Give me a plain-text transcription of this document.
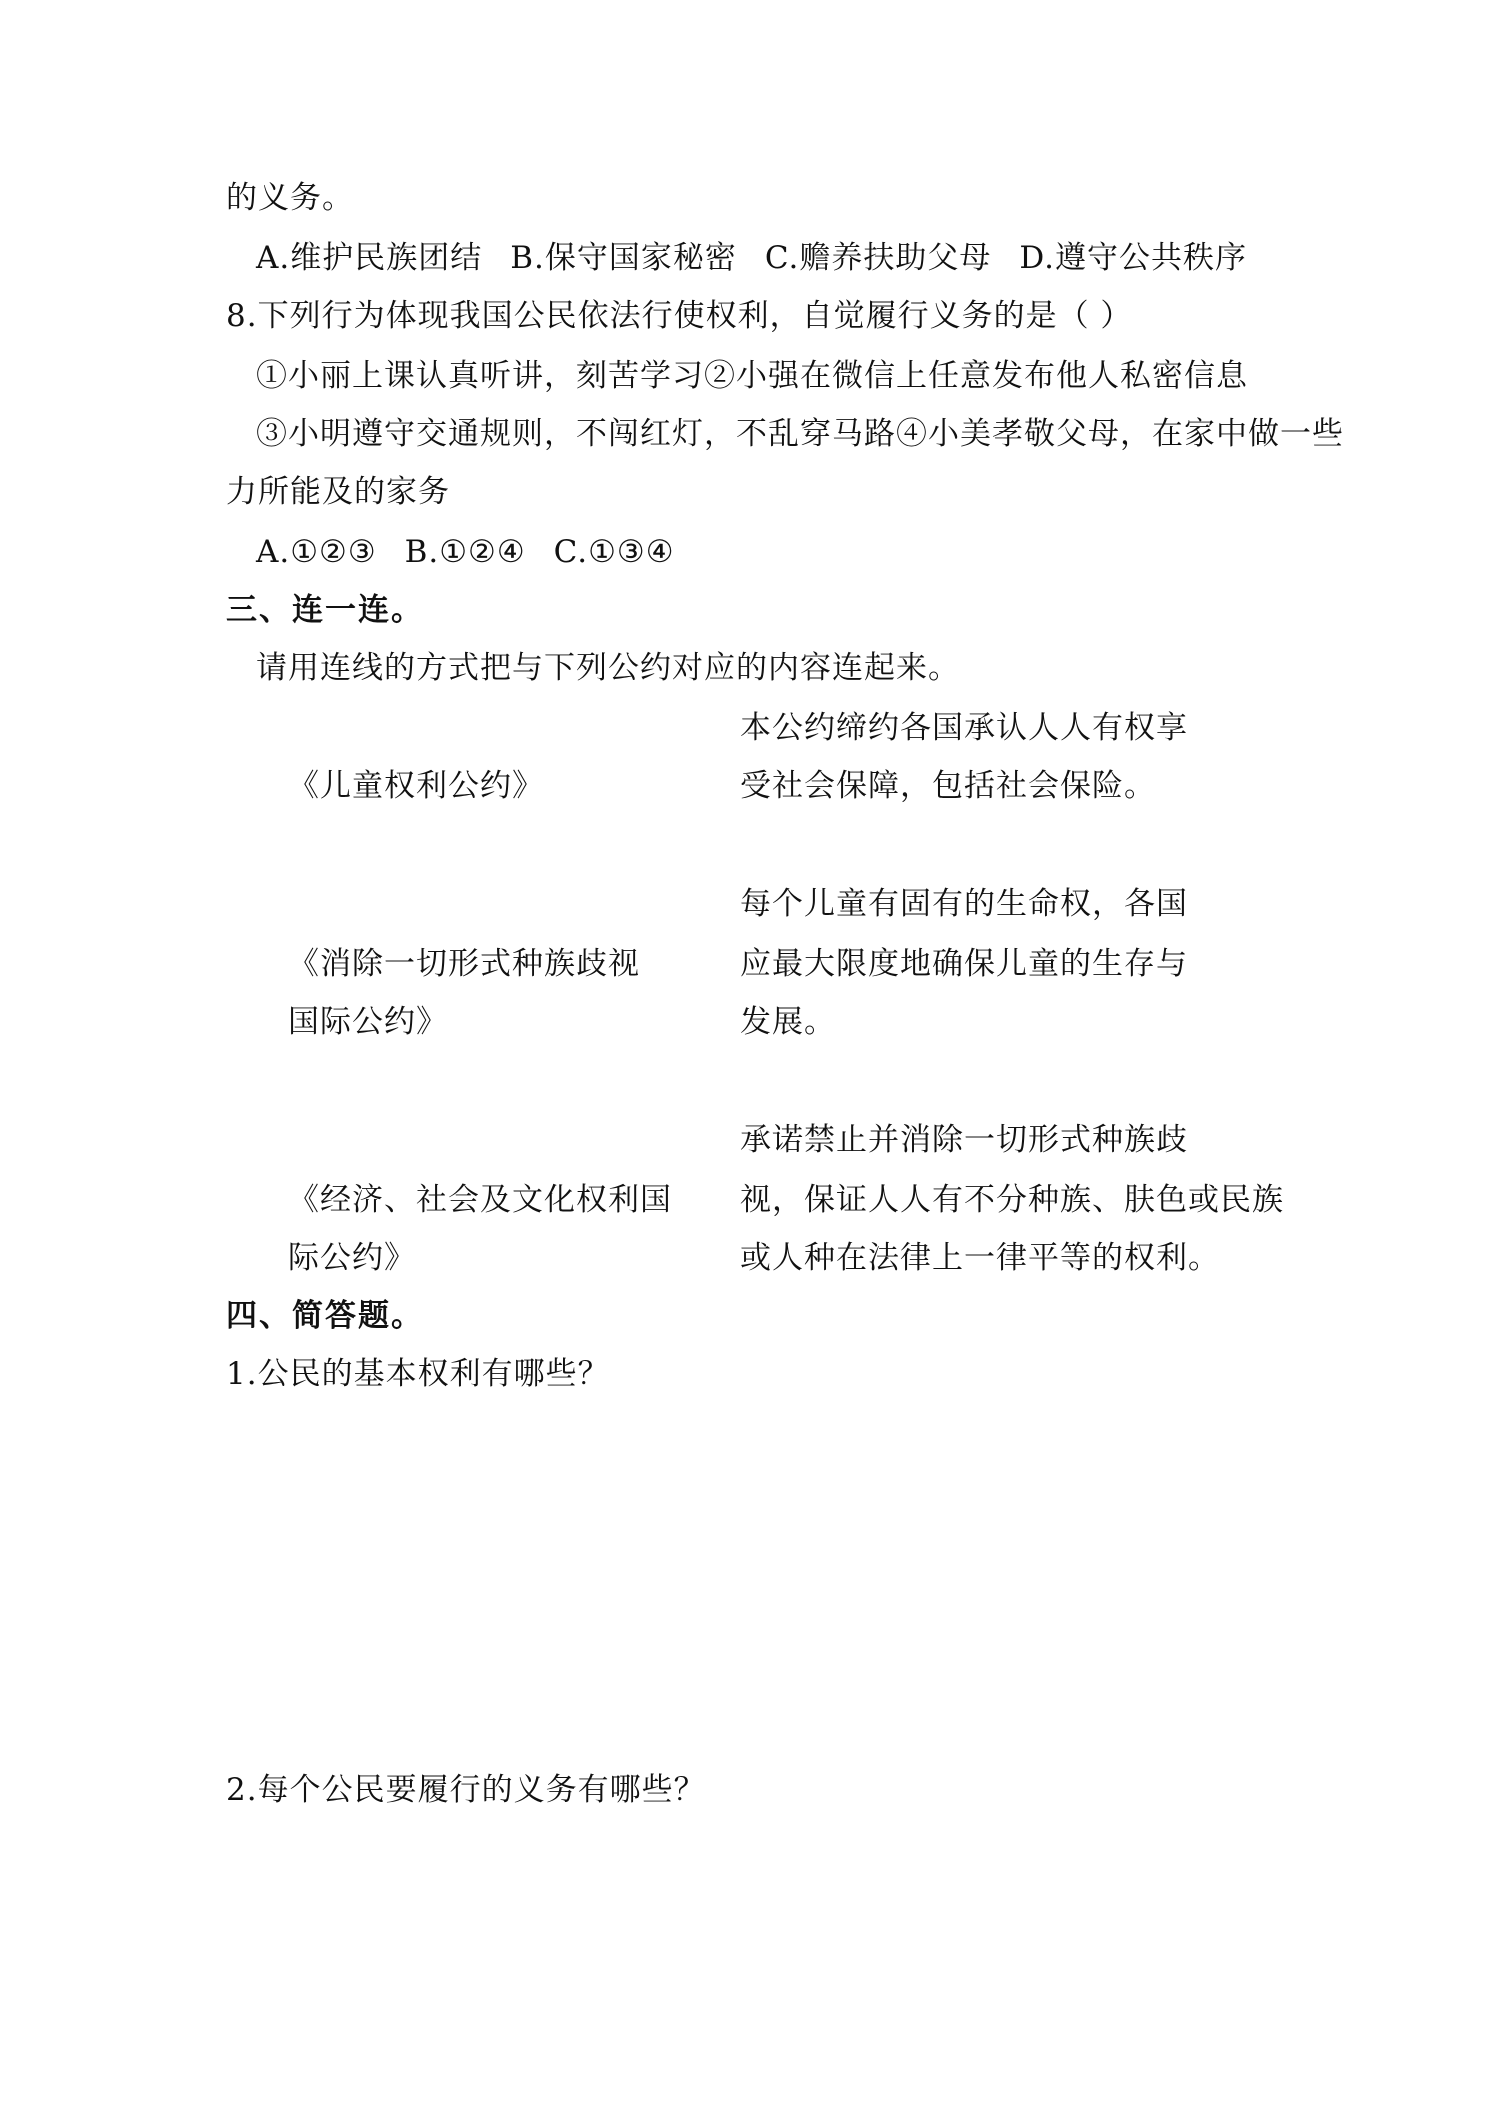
的义务。
A.维护民族团结 B.保守国家秘密 C.赡养扶助父母 D.遵守公共秩序
8.下列行为体现我国公民依法行使权利，自觉履行义务的是（ ）
①小丽上课认真听讲，刻苦学习②小强在微信上任意发布他人私密信息
③小明遵守交通规则，不闯红灯，不乱穿马路④小美孝敬父母，在家中做一些
力所能及的家务
A.①②③ B.①②④ C.①③④
三、连一连。
请用连线的方式把与下列公约对应的内容连起来。
《儿童权利公约》
《消除一切形式种族歧视
国际公约》
《经济、社会及文化权利国
际公约》
本公约缔约各国承认人人有权享
受社会保障，包括社会保险。
每个儿童有固有的生命权，各国
应最大限度地确保儿童的生存与
发展。
承诺禁止并消除一切形式种族歧
视，保证人人有不分种族、肤色或民族
或人种在法律上一律平等的权利。
四、简答题。
1.公民的基本权利有哪些？
2.每个公民要履行的义务有哪些？
